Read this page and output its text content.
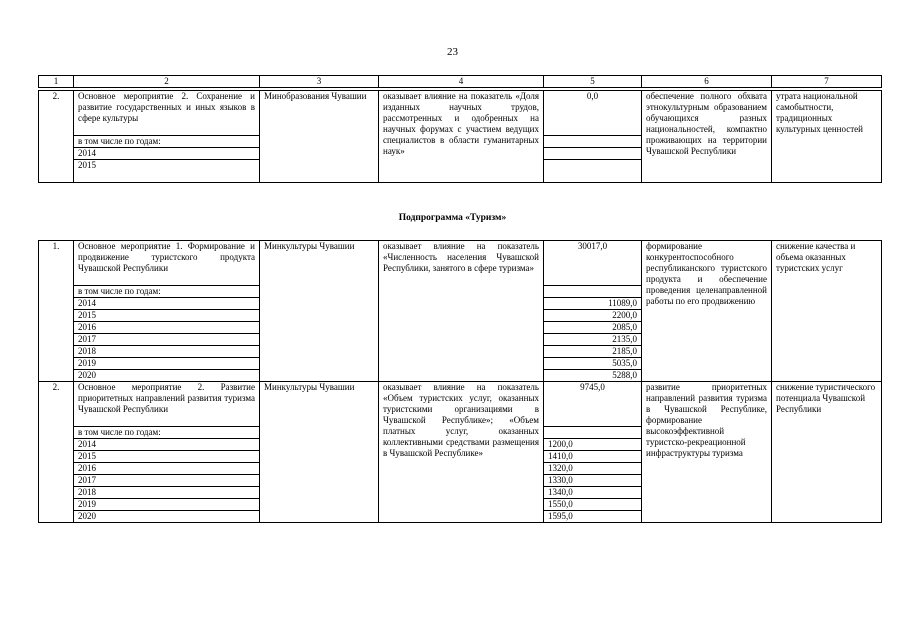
23
1	2	3	4	5	6	7
2.	Основное мероприятие 2. Сохранение и развитие государственных и иных языков в сфере культуры	Минобразования Чувашии	оказывает влияние на показатель «Доля изданных научных трудов, рассмотренных и одобренных на научных форумах с участием ведущих специалистов в области гуманитарных наук»	0,0	обеспечение полного обхвата этнокультурным образованием обучающихся разных национальностей, компактно проживающих на территории Чувашской Республики	утрата национальной самобытности, традиционных культурных ценностей
	в том числе по годам:					
	2014					
	2015					
Подпрограмма «Туризм»
1.	Основное мероприятие 1. Формирование и продвижение туристского продукта Чувашской Республики	Минкультуры Чувашии	оказывает влияние на показатель «Численность населения Чувашской Республики, занятого в сфере туризма»	30017,0	формирование конкурентоспособного республиканского туристского продукта и обеспечение проведения целенаправленной работы по его продвижению	снижение качества и объема оказанных туристских услуг
	в том числе по годам:					
	2014			11089,0		
	2015			2200,0		
	2016			2085,0		
	2017			2135,0		
	2018			2185,0		
	2019			5035,0		
	2020			5288,0		
2.	Основное мероприятие 2. Развитие приоритетных направлений развития туризма Чувашской Республики	Минкультуры Чувашии	оказывает влияние на показатель «Объем туристских услуг, оказанных туристскими организациями в Чувашской Республике»; «Объем платных услуг, оказанных коллективными средствами размещения в Чувашской Республике»	9745,0	развитие приоритетных направлений развития туризма в Чувашской Республике, формирование высокоэффективной туристско-рекреационной инфраструктуры туризма	снижение туристического потенциала Чувашской Республики
	в том числе по годам:					
	2014			1200,0		
	2015			1410,0		
	2016			1320,0		
	2017			1330,0		
	2018			1340,0		
	2019			1550,0		
	2020			1595,0		
